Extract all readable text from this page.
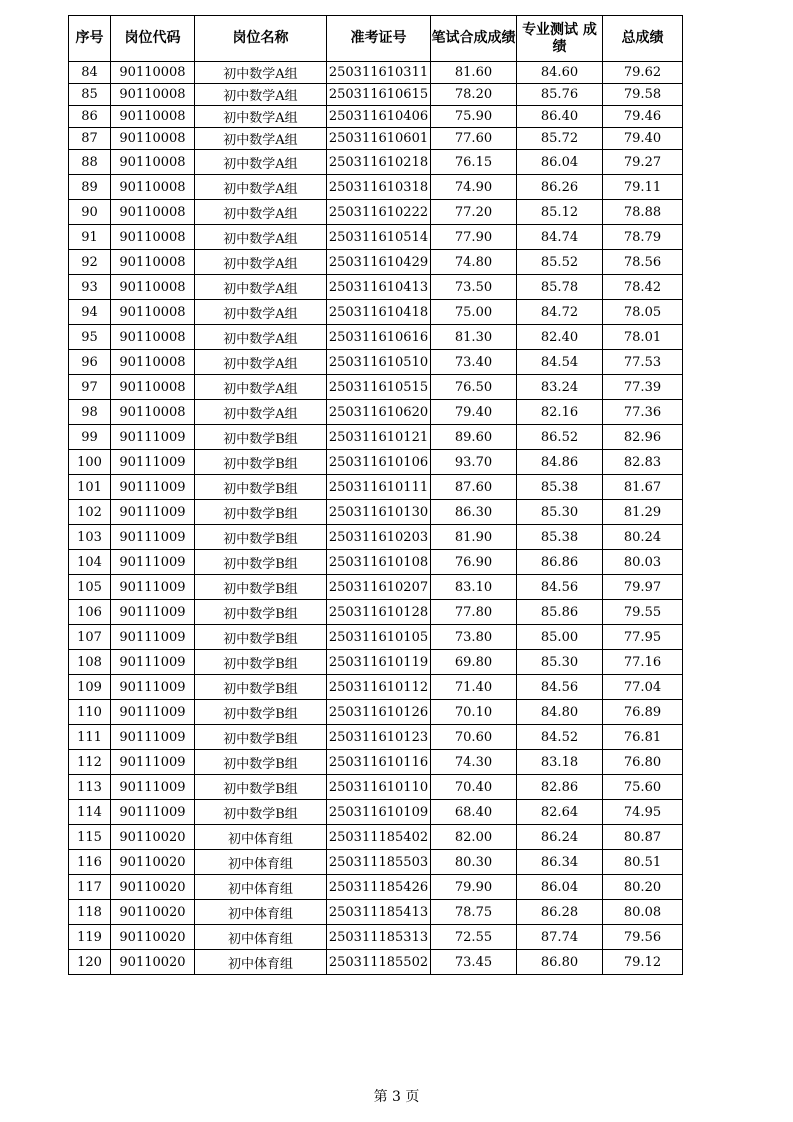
序号	岗位代码	岗位名称	准考证号	笔试合成成绩	专业测试 成绩	总成绩
84	90110008	初中数学A组	250311610311	81.60	84.60	79.62
85	90110008	初中数学A组	250311610615	78.20	85.76	79.58
86	90110008	初中数学A组	250311610406	75.90	86.40	79.46
87	90110008	初中数学A组	250311610601	77.60	85.72	79.40
88	90110008	初中数学A组	250311610218	76.15	86.04	79.27
89	90110008	初中数学A组	250311610318	74.90	86.26	79.11
90	90110008	初中数学A组	250311610222	77.20	85.12	78.88
91	90110008	初中数学A组	250311610514	77.90	84.74	78.79
92	90110008	初中数学A组	250311610429	74.80	85.52	78.56
93	90110008	初中数学A组	250311610413	73.50	85.78	78.42
94	90110008	初中数学A组	250311610418	75.00	84.72	78.05
95	90110008	初中数学A组	250311610616	81.30	82.40	78.01
96	90110008	初中数学A组	250311610510	73.40	84.54	77.53
97	90110008	初中数学A组	250311610515	76.50	83.24	77.39
98	90110008	初中数学A组	250311610620	79.40	82.16	77.36
99	90111009	初中数学B组	250311610121	89.60	86.52	82.96
100	90111009	初中数学B组	250311610106	93.70	84.86	82.83
101	90111009	初中数学B组	250311610111	87.60	85.38	81.67
102	90111009	初中数学B组	250311610130	86.30	85.30	81.29
103	90111009	初中数学B组	250311610203	81.90	85.38	80.24
104	90111009	初中数学B组	250311610108	76.90	86.86	80.03
105	90111009	初中数学B组	250311610207	83.10	84.56	79.97
106	90111009	初中数学B组	250311610128	77.80	85.86	79.55
107	90111009	初中数学B组	250311610105	73.80	85.00	77.95
108	90111009	初中数学B组	250311610119	69.80	85.30	77.16
109	90111009	初中数学B组	250311610112	71.40	84.56	77.04
110	90111009	初中数学B组	250311610126	70.10	84.80	76.89
111	90111009	初中数学B组	250311610123	70.60	84.52	76.81
112	90111009	初中数学B组	250311610116	74.30	83.18	76.80
113	90111009	初中数学B组	250311610110	70.40	82.86	75.60
114	90111009	初中数学B组	250311610109	68.40	82.64	74.95
115	90110020	初中体育组	250311185402	82.00	86.24	80.87
116	90110020	初中体育组	250311185503	80.30	86.34	80.51
117	90110020	初中体育组	250311185426	79.90	86.04	80.20
118	90110020	初中体育组	250311185413	78.75	86.28	80.08
119	90110020	初中体育组	250311185313	72.55	87.74	79.56
120	90110020	初中体育组	250311185502	73.45	86.80	79.12
第 3 页
